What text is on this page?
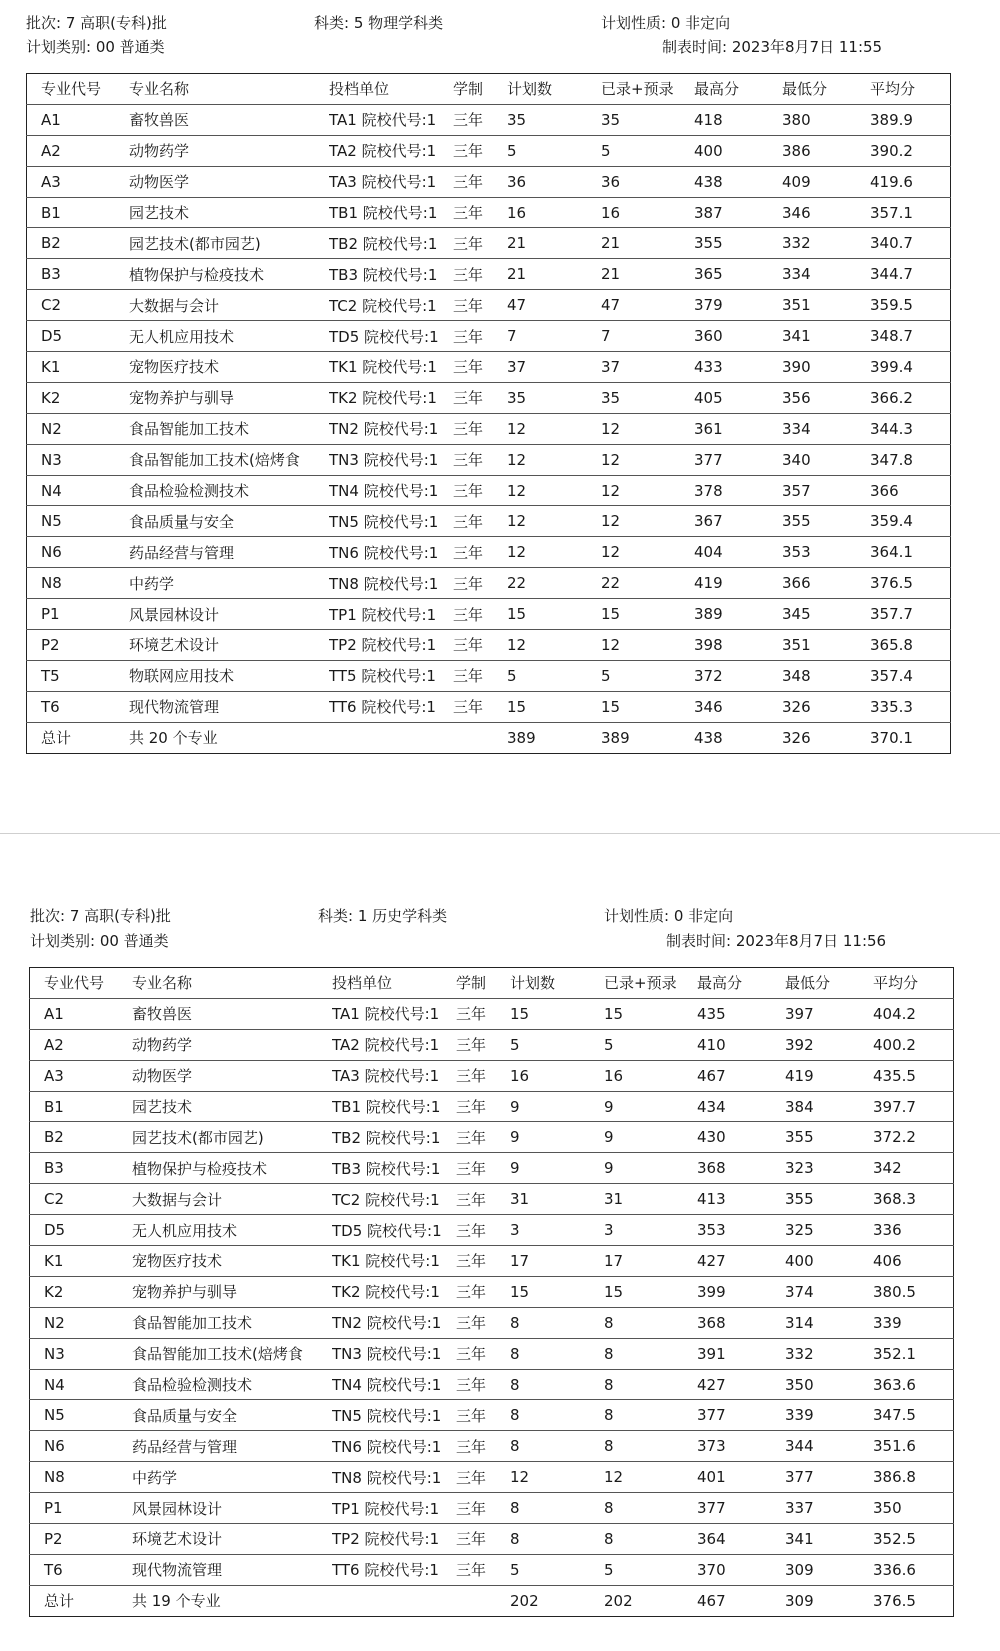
批次: 7 高职(专科)批	科类: 5 物理学科类	计划性质: 0 非定向
计划类别: 00 普通类	制表时间: 2023年8月7日 11:55
专业代号	专业名称	投档单位	学制	计划数	已录+预录	最高分	最低分	平均分
A1	畜牧兽医	TA1 院校代号:1	三年	35	35	418	380	389.9
A2	动物药学	TA2 院校代号:1	三年	5	5	400	386	390.2
A3	动物医学	TA3 院校代号:1	三年	36	36	438	409	419.6
B1	园艺技术	TB1 院校代号:1	三年	16	16	387	346	357.1
B2	园艺技术(都市园艺)	TB2 院校代号:1	三年	21	21	355	332	340.7
B3	植物保护与检疫技术	TB3 院校代号:1	三年	21	21	365	334	344.7
C2	大数据与会计	TC2 院校代号:1	三年	47	47	379	351	359.5
D5	无人机应用技术	TD5 院校代号:1	三年	7	7	360	341	348.7
K1	宠物医疗技术	TK1 院校代号:1	三年	37	37	433	390	399.4
K2	宠物养护与驯导	TK2 院校代号:1	三年	35	35	405	356	366.2
N2	食品智能加工技术	TN2 院校代号:1	三年	12	12	361	334	344.3
N3	食品智能加工技术(焙烤食	TN3 院校代号:1	三年	12	12	377	340	347.8
N4	食品检验检测技术	TN4 院校代号:1	三年	12	12	378	357	366
N5	食品质量与安全	TN5 院校代号:1	三年	12	12	367	355	359.4
N6	药品经营与管理	TN6 院校代号:1	三年	12	12	404	353	364.1
N8	中药学	TN8 院校代号:1	三年	22	22	419	366	376.5
P1	风景园林设计	TP1 院校代号:1	三年	15	15	389	345	357.7
P2	环境艺术设计	TP2 院校代号:1	三年	12	12	398	351	365.8
T5	物联网应用技术	TT5 院校代号:1	三年	5	5	372	348	357.4
T6	现代物流管理	TT6 院校代号:1	三年	15	15	346	326	335.3
总计	共 20 个专业			389	389	438	326	370.1
批次: 7 高职(专科)批	科类: 1 历史学科类	计划性质: 0 非定向
计划类别: 00 普通类	制表时间: 2023年8月7日 11:56
专业代号	专业名称	投档单位	学制	计划数	已录+预录	最高分	最低分	平均分
A1	畜牧兽医	TA1 院校代号:1	三年	15	15	435	397	404.2
A2	动物药学	TA2 院校代号:1	三年	5	5	410	392	400.2
A3	动物医学	TA3 院校代号:1	三年	16	16	467	419	435.5
B1	园艺技术	TB1 院校代号:1	三年	9	9	434	384	397.7
B2	园艺技术(都市园艺)	TB2 院校代号:1	三年	9	9	430	355	372.2
B3	植物保护与检疫技术	TB3 院校代号:1	三年	9	9	368	323	342
C2	大数据与会计	TC2 院校代号:1	三年	31	31	413	355	368.3
D5	无人机应用技术	TD5 院校代号:1	三年	3	3	353	325	336
K1	宠物医疗技术	TK1 院校代号:1	三年	17	17	427	400	406
K2	宠物养护与驯导	TK2 院校代号:1	三年	15	15	399	374	380.5
N2	食品智能加工技术	TN2 院校代号:1	三年	8	8	368	314	339
N3	食品智能加工技术(焙烤食	TN3 院校代号:1	三年	8	8	391	332	352.1
N4	食品检验检测技术	TN4 院校代号:1	三年	8	8	427	350	363.6
N5	食品质量与安全	TN5 院校代号:1	三年	8	8	377	339	347.5
N6	药品经营与管理	TN6 院校代号:1	三年	8	8	373	344	351.6
N8	中药学	TN8 院校代号:1	三年	12	12	401	377	386.8
P1	风景园林设计	TP1 院校代号:1	三年	8	8	377	337	350
P2	环境艺术设计	TP2 院校代号:1	三年	8	8	364	341	352.5
T6	现代物流管理	TT6 院校代号:1	三年	5	5	370	309	336.6
总计	共 19 个专业			202	202	467	309	376.5
